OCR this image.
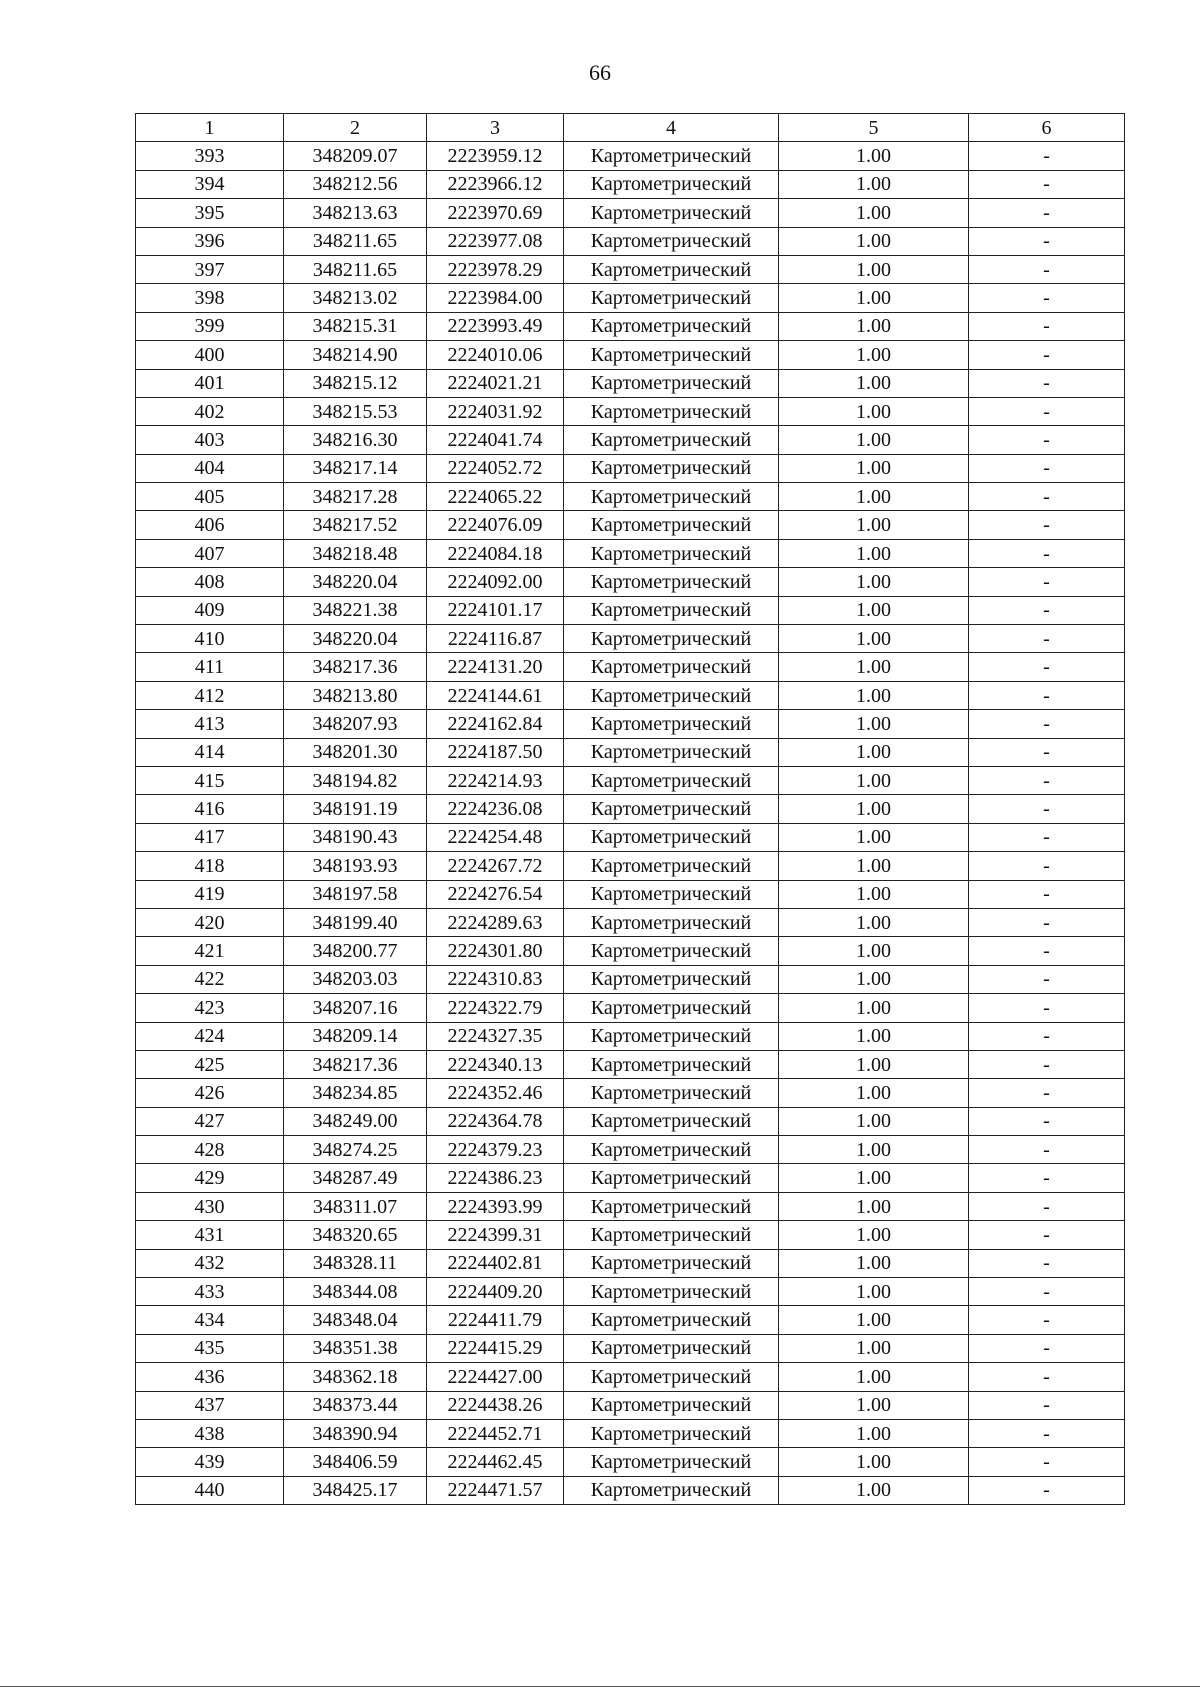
66
1	2	3	4	5	6
393	348209.07	2223959.12	Картометрический	1.00	-
394	348212.56	2223966.12	Картометрический	1.00	-
395	348213.63	2223970.69	Картометрический	1.00	-
396	348211.65	2223977.08	Картометрический	1.00	-
397	348211.65	2223978.29	Картометрический	1.00	-
398	348213.02	2223984.00	Картометрический	1.00	-
399	348215.31	2223993.49	Картометрический	1.00	-
400	348214.90	2224010.06	Картометрический	1.00	-
401	348215.12	2224021.21	Картометрический	1.00	-
402	348215.53	2224031.92	Картометрический	1.00	-
403	348216.30	2224041.74	Картометрический	1.00	-
404	348217.14	2224052.72	Картометрический	1.00	-
405	348217.28	2224065.22	Картометрический	1.00	-
406	348217.52	2224076.09	Картометрический	1.00	-
407	348218.48	2224084.18	Картометрический	1.00	-
408	348220.04	2224092.00	Картометрический	1.00	-
409	348221.38	2224101.17	Картометрический	1.00	-
410	348220.04	2224116.87	Картометрический	1.00	-
411	348217.36	2224131.20	Картометрический	1.00	-
412	348213.80	2224144.61	Картометрический	1.00	-
413	348207.93	2224162.84	Картометрический	1.00	-
414	348201.30	2224187.50	Картометрический	1.00	-
415	348194.82	2224214.93	Картометрический	1.00	-
416	348191.19	2224236.08	Картометрический	1.00	-
417	348190.43	2224254.48	Картометрический	1.00	-
418	348193.93	2224267.72	Картометрический	1.00	-
419	348197.58	2224276.54	Картометрический	1.00	-
420	348199.40	2224289.63	Картометрический	1.00	-
421	348200.77	2224301.80	Картометрический	1.00	-
422	348203.03	2224310.83	Картометрический	1.00	-
423	348207.16	2224322.79	Картометрический	1.00	-
424	348209.14	2224327.35	Картометрический	1.00	-
425	348217.36	2224340.13	Картометрический	1.00	-
426	348234.85	2224352.46	Картометрический	1.00	-
427	348249.00	2224364.78	Картометрический	1.00	-
428	348274.25	2224379.23	Картометрический	1.00	-
429	348287.49	2224386.23	Картометрический	1.00	-
430	348311.07	2224393.99	Картометрический	1.00	-
431	348320.65	2224399.31	Картометрический	1.00	-
432	348328.11	2224402.81	Картометрический	1.00	-
433	348344.08	2224409.20	Картометрический	1.00	-
434	348348.04	2224411.79	Картометрический	1.00	-
435	348351.38	2224415.29	Картометрический	1.00	-
436	348362.18	2224427.00	Картометрический	1.00	-
437	348373.44	2224438.26	Картометрический	1.00	-
438	348390.94	2224452.71	Картометрический	1.00	-
439	348406.59	2224462.45	Картометрический	1.00	-
440	348425.17	2224471.57	Картометрический	1.00	-
